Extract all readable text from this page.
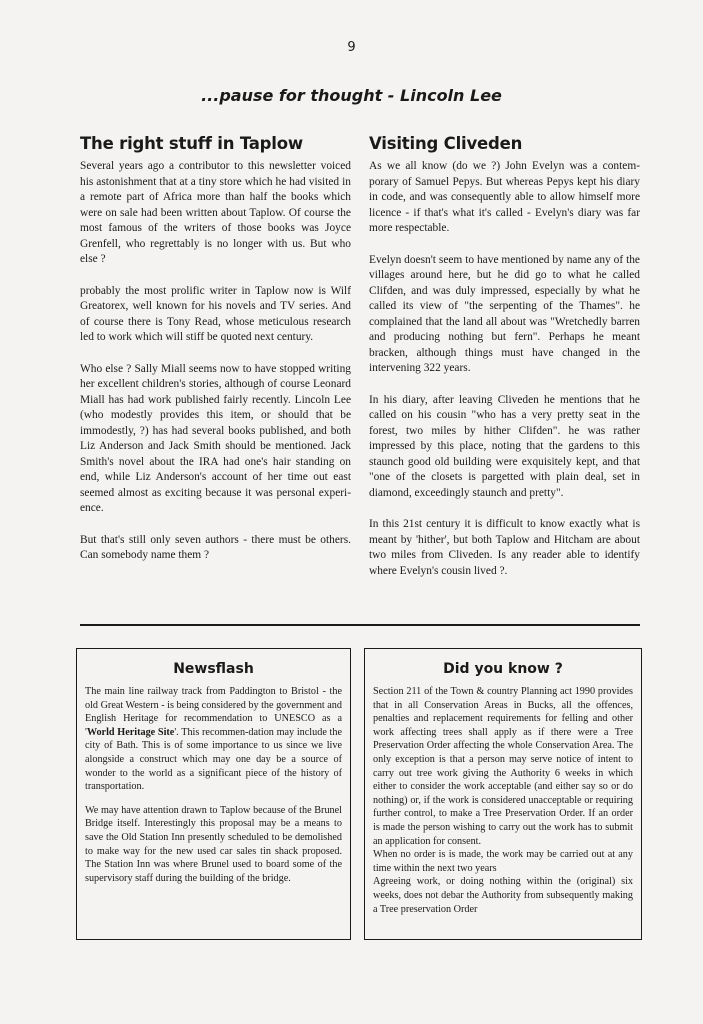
9
...pause for thought - Lincoln Lee
The right stuff in Taplow

Several years ago a contributor to this newsletter voiced his astonishment that at a tiny store which he had visited in a remote part of Africa more than half the books which were on sale had been written about Taplow. Of course the most famous of the writers of those books was Joyce Grenfell, who regrettably is no longer with us. But who else ?

probably the most prolific writer in Taplow now is Wilf Greatorex, well known for his novels and TV series. And of course there is Tony Read, whose meticulous research led to work which will stiff be quoted next century.

Who else ? Sally Miall seems now to have stopped writing her excellent children's stories, although of course Leonard Miall has had work published fairly recently. Lincoln Lee (who modestly provides this item, or should that be immodestly, ?) has had several books published, and both Liz Anderson and Jack Smith should be mentioned. Jack Smith's novel about the IRA had one's hair standing on end, while Liz Anderson's account of her time out east seemed almost as exciting because it was personal experi-ence.

But that's still only seven authors - there must be others. Can somebody name them ?

Visiting Cliveden

As we all know (do we ?) John Evelyn was a contem-porary of Samuel Pepys. But whereas Pepys kept his diary in code, and was consequently able to allow himself more licence - if that's what it's called - Evelyn's diary was far more respectable.

Evelyn doesn't seem to have mentioned by name any of the villages around here, but he did go to what he called Clifden, and was duly impressed, especially by what he called its view of "the serpenting of the Thames". he complained that the land all about was "Wretchedly barren and producing nothing but fern". Perhaps he meant bracken, although things must have changed in the intervening 322 years.

In his diary, after leaving Cliveden he mentions that he called on his cousin "who has a very pretty seat in the forest, two miles by hither Clifden". he was rather impressed by this place, noting that the gardens to this staunch good old building were exquisitely kept, and that "one of the closets is pargetted with plain deal, set in diamond, exceedingly staunch and pretty".

In this 21st century it is difficult to know exactly what is meant by 'hither', but both Taplow and Hitcham are about two miles from Cliveden. Is any reader able to identify where Evelyn's cousin lived ?.

Newsflash

The main line railway track from Paddington to Bristol - the old Great Western - is being considered by the government and English Heritage for recommendation to UNESCO as a 'World Heritage Site'. This recommen-dation may include the city of Bath. This is of some importance to us since we live alongside a construct which may one day be a source of wonder to the world as a significant piece of the history of transportation.

We may have attention drawn to Taplow because of the Brunel Bridge itself. Interestingly this proposal may be a means to save the Old Station Inn presently scheduled to be demolished to make way for the new used car sales tin shack proposed. The Station Inn was where Brunel used to board some of the supervisory staff during the building of the bridge.

Did you know ?

Section 211 of the Town & country Planning act 1990 provides that in all Conservation Areas in Bucks, all the offences, penalties and replacement requirements for felling and other work affecting trees shall apply as if there were a Tree Preservation Order affecting the whole Conservation Area. The only exception is that a person may serve notice of intent to carry out tree work giving the Authority 6 weeks in which either to consider the work acceptable (and either say so or do nothing) or, if the work is considered unacceptable or requiring further control, to make a Tree Preservation Order. If an order is made the person wishing to carry out the work has to submit an application for consent.

When no order is is made, the work may be carried out at any time within the next two years

Agreeing work, or doing nothing within the (original) six weeks, does not debar the Authority from subsequently making a Tree preservation Order
